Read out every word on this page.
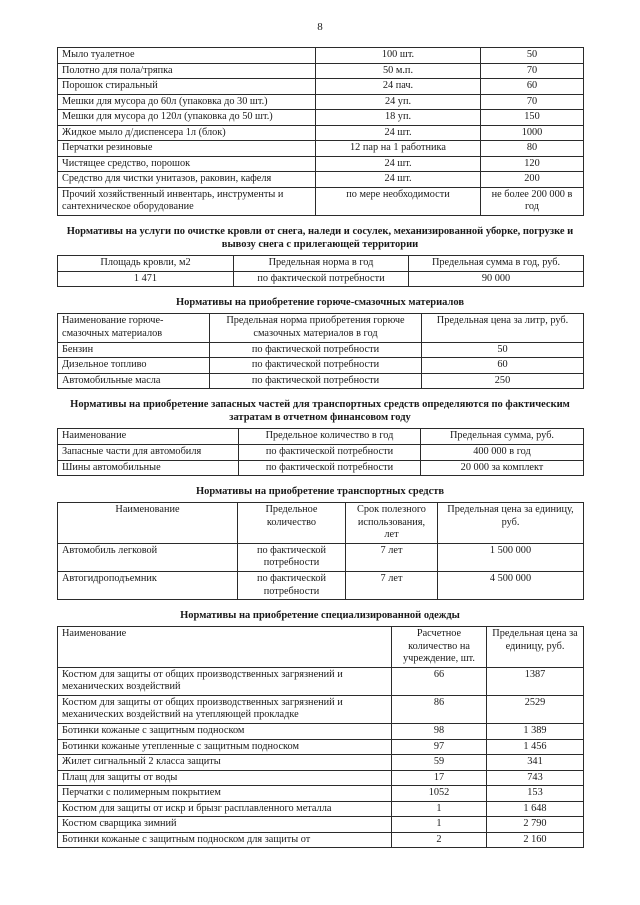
8
Мыло туалетное	100 шт.	50
Полотно для пола/тряпка	50 м.п.	70
Порошок стиральный	24 пач.	60
Мешки для мусора до 60л (упаковка до 30 шт.)	24 уп.	70
Мешки для мусора до 120л (упаковка до 50 шт.)	18 уп.	150
Жидкое мыло д/диспенсера 1л (блок)	24 шт.	1000
Перчатки резиновые	12 пар на 1 работника	80
Чистящее средство, порошок	24 шт.	120
Средство для чистки унитазов, раковин, кафеля	24 шт.	200
Прочий хозяйственный инвентарь, инструменты и сантехническое оборудование	по мере необходимости	не более 200 000 в год
Нормативы на услуги по очистке кровли от снега, наледи и сосулек, механизированной уборке, погрузке и вывозу снега с прилегающей территории
Площадь кровли, м2	Предельная норма в год	Предельная сумма в год, руб.
1 471	по фактической потребности	90 000
Нормативы на приобретение горюче-смазочных материалов
Наименование горюче-смазочных материалов	Предельная норма приобретения горюче смазочных материалов в год	Предельная цена за литр, руб.
Бензин	по фактической потребности	50
Дизельное топливо	по фактической потребности	60
Автомобильные масла	по фактической потребности	250
Нормативы на приобретение запасных частей для транспортных средств определяются по фактическим затратам в отчетном финансовом году
Наименование	Предельное количество в год	Предельная сумма, руб.
Запасные части для автомобиля	по фактической потребности	400 000 в год
Шины автомобильные	по фактической потребности	20 000 за комплект
Нормативы на приобретение транспортных средств
Наименование	Предельное количество	Срок полезного использования, лет	Предельная цена за единицу, руб.
Автомобиль легковой	по фактической потребности	7 лет	1 500 000
Автогидроподъемник	по фактической потребности	7 лет	4 500 000
Нормативы на приобретение специализированной одежды
Наименование	Расчетное количество на учреждение, шт.	Предельная цена за единицу, руб.
Костюм для защиты от общих производственных загрязнений и механических воздействий	66	1387
Костюм для защиты от общих производственных загрязнений и механических воздействий на утепляющей прокладке	86	2529
Ботинки кожаные с защитным подноском	98	1 389
Ботинки кожаные утепленные с защитным подноском	97	1 456
Жилет сигнальный 2 класса защиты	59	341
Плащ для защиты от воды	17	743
Перчатки с полимерным покрытием	1052	153
Костюм для защиты от искр и брызг расплавленного металла	1	1 648
Костюм сварщика зимний	1	2 790
Ботинки кожаные с защитным подноском для защиты от	2	2 160
